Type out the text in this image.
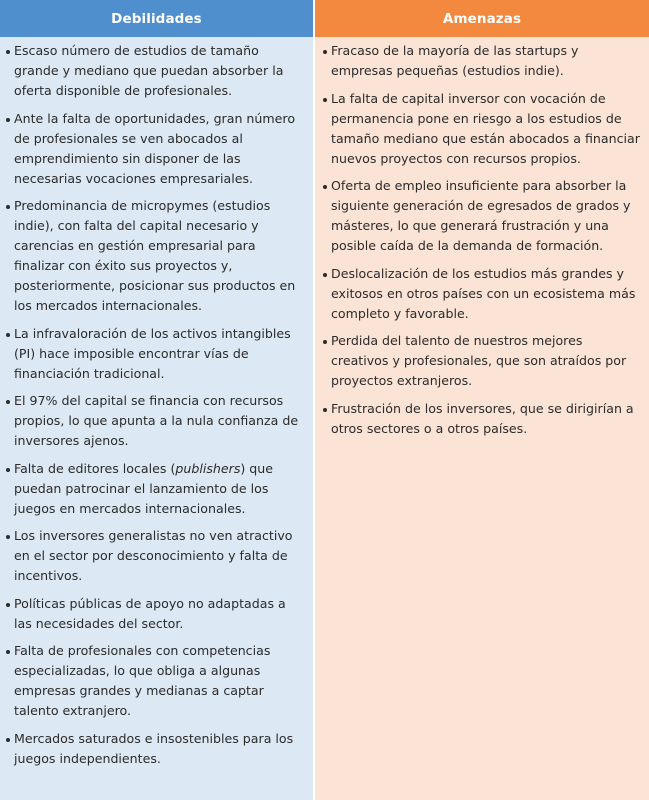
Debilidades
Escaso número de estudios de tamaño grande y mediano que puedan absorber la oferta disponible de profesionales.
Ante la falta de oportunidades, gran número de profesionales se ven abocados al emprendimiento sin disponer de las necesarias vocaciones empresariales.
Predominancia de micropymes (estudios indie), con falta del capital necesario y carencias en gestión empresarial para finalizar con éxito sus proyectos y, posteriormente, posicionar sus productos en los mercados internacionales.
La infravaloración de los activos intangibles (PI) hace imposible encontrar vías de financiación tradicional.
El 97% del capital se financia con recursos propios, lo que apunta a la nula confianza de inversores ajenos.
Falta de editores locales (publishers) que puedan patrocinar el lanzamiento de los juegos en mercados internacionales.
Los inversores generalistas no ven atractivo en el sector por desconocimiento y falta de incentivos.
Políticas públicas de apoyo no adaptadas a las necesidades del sector.
Falta de profesionales con competencias especializadas, lo que obliga a algunas empresas grandes y medianas a captar talento extranjero.
Mercados saturados e insostenibles para los juegos independientes.
Amenazas
Fracaso de la mayoría de las startups y empresas pequeñas (estudios indie).
La falta de capital inversor con vocación de permanencia pone en riesgo a los estudios de tamaño mediano que están abocados a financiar nuevos proyectos con recursos propios.
Oferta de empleo insuficiente para absorber la siguiente generación de egresados de grados y másteres, lo que generará frustración y una posible caída de la demanda de formación.
Deslocalización de los estudios más grandes y exitosos en otros países con un ecosistema más completo y favorable.
Perdida del talento de nuestros mejores creativos y profesionales, que son atraídos por proyectos extranjeros.
Frustración de los inversores, que se dirigirían a otros sectores o a otros países.
